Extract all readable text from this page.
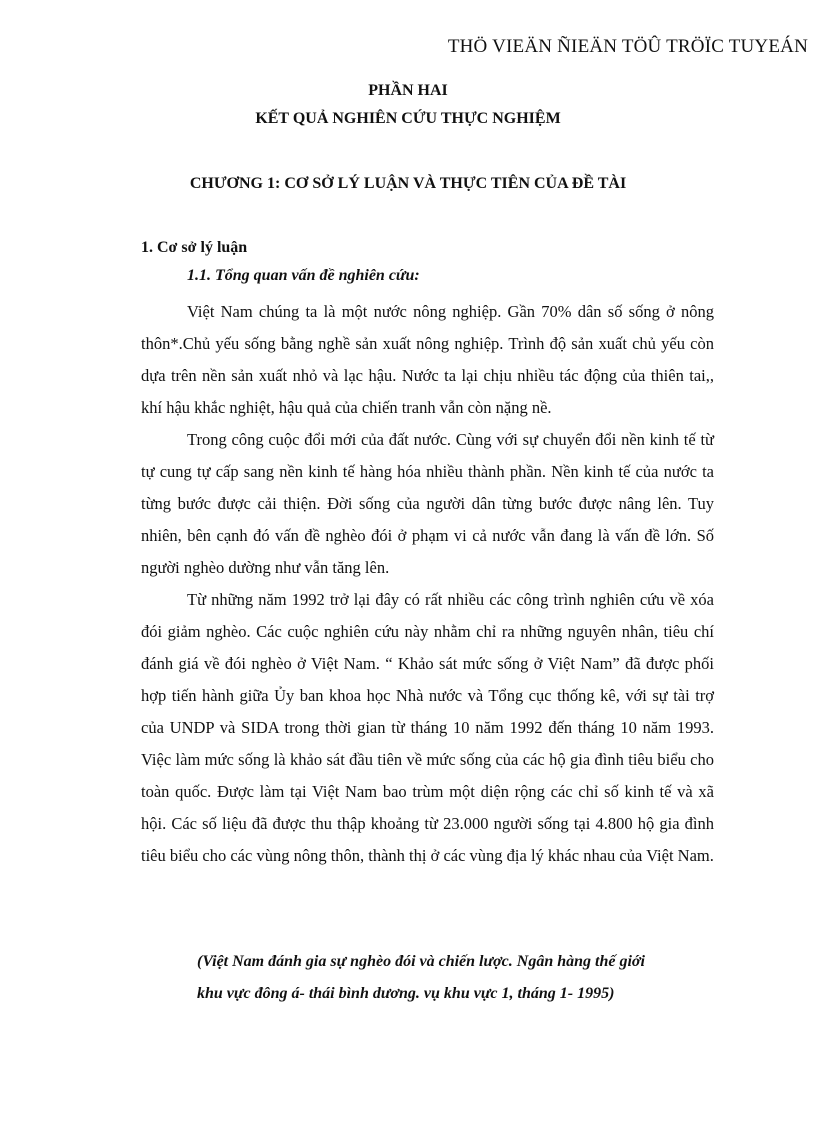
THÖ VIEÄN ÑIEÄN TÖÛ TRÖÏC TUYEÁN
PHẦN HAI
KẾT QUẢ NGHIÊN CỨU THỰC NGHIỆM
CHƯƠNG 1: CƠ SỞ LÝ LUẬN VÀ THỰC TIÊN CỦA ĐỀ TÀI
1. Cơ sở lý luận
1.1. Tổng quan vấn đề nghiên cứu:

Việt Nam chúng ta là một nước nông nghiệp. Gần 70% dân số sống ở nông thôn*.Chủ yếu sống bằng nghề sản xuất nông nghiệp. Trình độ sản xuất chủ yếu còn dựa trên nền sản xuất nhỏ và lạc hậu. Nước ta lại chịu nhiều tác động của thiên tai,, khí hậu khắc nghiệt, hậu quả của chiến tranh vẫn còn nặng nề.

Trong công cuộc đổi mới của đất nước. Cùng với sự chuyển đổi nền kinh tế từ tự cung tự cấp sang nền kinh tế hàng hóa nhiều thành phần. Nền kinh tế của nước ta từng bước được cải thiện. Đời sống của người dân từng bước được nâng lên. Tuy nhiên, bên cạnh đó vấn đề nghèo đói ở phạm vi cả nước vẫn đang là vấn đề lớn. Số người nghèo dường như vẫn tăng lên.

Từ những năm 1992 trở lại đây có rất nhiều các công trình nghiên cứu về xóa đói giảm nghèo. Các cuộc nghiên cứu này nhằm chỉ ra những nguyên nhân, tiêu chí đánh giá về đói nghèo ở Việt Nam. “ Khảo sát mức sống ở Việt Nam” đã được phối hợp tiến hành giữa Ủy ban khoa học Nhà nước và Tổng cục thống kê, với sự tài trợ của UNDP và SIDA trong thời gian từ tháng 10 năm 1992 đến tháng 10 năm 1993. Việc làm mức sống là khảo sát đầu tiên về mức sống của các hộ gia đình tiêu biểu cho toàn quốc. Được làm tại Việt Nam bao trùm một diện rộng các chỉ số kinh tế và xã hội. Các số liệu đã được thu thập khoảng từ 23.000 người sống tại 4.800 hộ gia đình tiêu biểu cho các vùng nông thôn, thành thị ở các vùng địa lý khác nhau của Việt Nam.

(Việt Nam đánh gia sự nghèo đói và chiến lược. Ngân hàng thế giới
khu vực đông á- thái bình dương. vụ khu vực 1, tháng 1- 1995)
